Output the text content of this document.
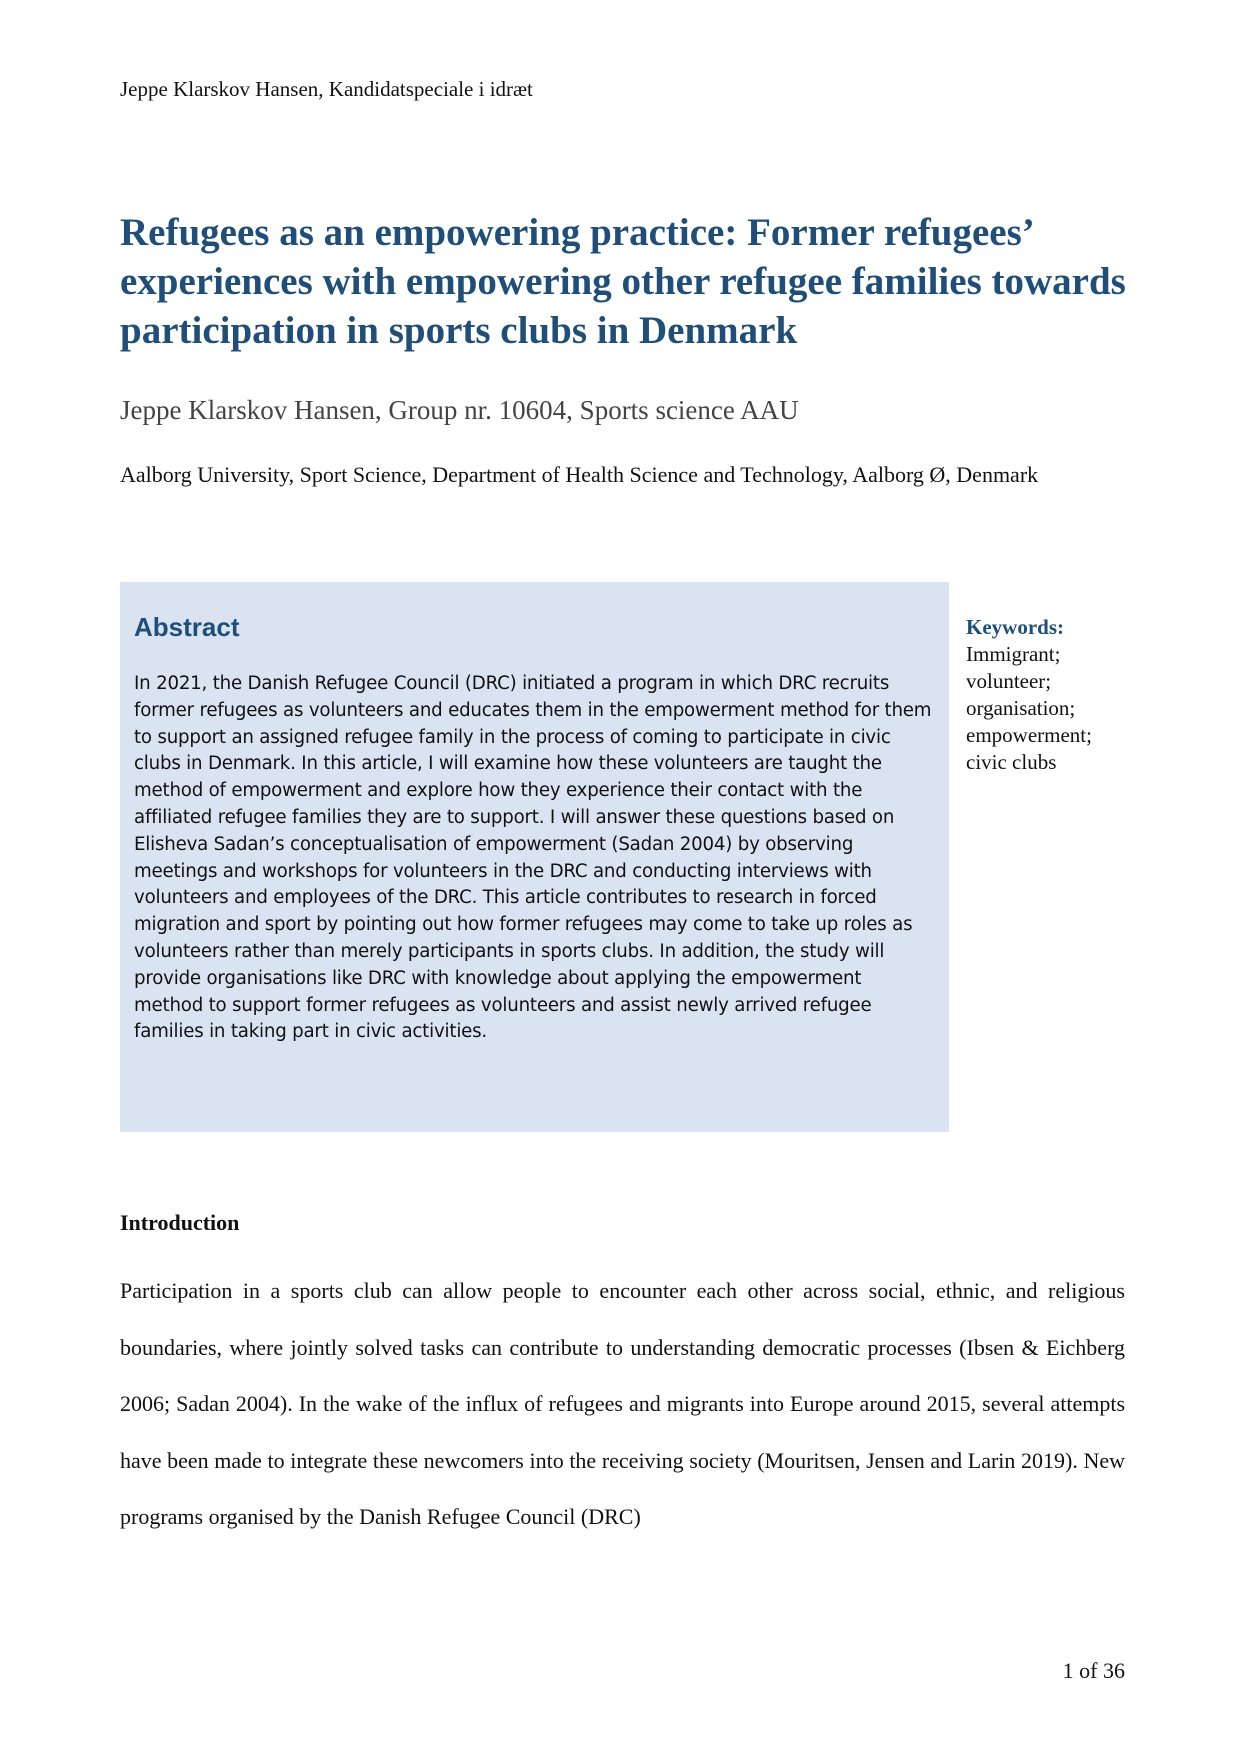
Jeppe Klarskov Hansen, Kandidatspeciale i idræt
Refugees as an empowering practice: Former refugees’ experiences with empowering other refugee families towards participation in sports clubs in Denmark
Jeppe Klarskov Hansen, Group nr. 10604, Sports science AAU
Aalborg University, Sport Science, Department of Health Science and Technology, Aalborg Ø, Denmark
Abstract

In 2021, the Danish Refugee Council (DRC) initiated a program in which DRC recruits former refugees as volunteers and educates them in the empowerment method for them to support an assigned refugee family in the process of coming to participate in civic clubs in Denmark. In this article, I will examine how these volunteers are taught the method of empowerment and explore how they experience their contact with the affiliated refugee families they are to support. I will answer these questions based on Elisheva Sadan’s conceptualisation of empowerment (Sadan 2004) by observing meetings and workshops for volunteers in the DRC and conducting interviews with volunteers and employees of the DRC. This article contributes to research in forced migration and sport by pointing out how former refugees may come to take up roles as volunteers rather than merely participants in sports clubs. In addition, the study will provide organisations like DRC with knowledge about applying the empowerment method to support former refugees as volunteers and assist newly arrived refugee families in taking part in civic activities.

Keywords:
Immigrant;
volunteer;
organisation;
empowerment;
civic clubs
Introduction

Participation in a sports club can allow people to encounter each other across social, ethnic, and religious boundaries, where jointly solved tasks can contribute to understanding democratic processes (Ibsen & Eichberg 2006; Sadan 2004). In the wake of the influx of refugees and migrants into Europe around 2015, several attempts have been made to integrate these newcomers into the receiving society (Mouritsen, Jensen and Larin 2019). New programs organised by the Danish Refugee Council (DRC)

1 of 36
